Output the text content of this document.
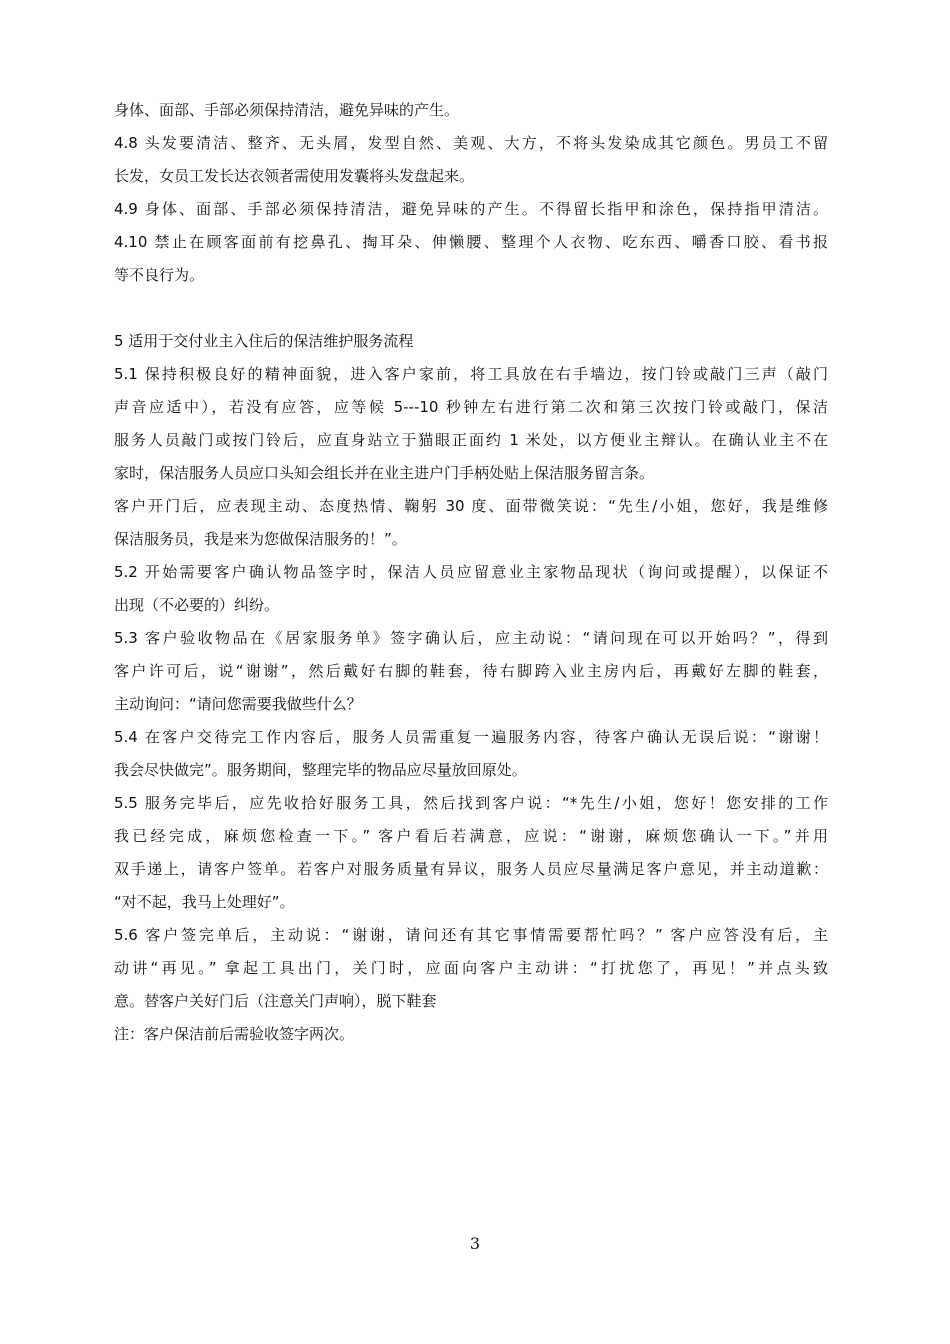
身体、面部、手部必须保持清洁，避免异味的产生。
4.8 头发要清洁、整齐、无头屑，发型自然、美观、大方，不将头发染成其它颜色。男员工不留
长发，女员工发长达衣领者需使用发囊将头发盘起来。
4.9 身体、面部、手部必须保持清洁，避免异味的产生。不得留长指甲和涂色，保持指甲清洁。
4.10 禁止在顾客面前有挖鼻孔、掏耳朵、伸懒腰、整理个人衣物、吃东西、嚼香口胶、看书报
等不良行为。
5 适用于交付业主入住后的保洁维护服务流程
5.1 保持积极良好的精神面貌，进入客户家前，将工具放在右手墙边，按门铃或敲门三声（敲门
声音应适中），若没有应答，应等候 5---10 秒钟左右进行第二次和第三次按门铃或敲门，保洁
服务人员敲门或按门铃后，应直身站立于猫眼正面约 1 米处，以方便业主辩认。在确认业主不在
家时，保洁服务人员应口头知会组长并在业主进户门手柄处贴上保洁服务留言条。
客户开门后，应表现主动、态度热情、鞠躬 30 度、面带微笑说：“先生/小姐，您好，我是维修
保洁服务员，我是来为您做保洁服务的！”。
5.2 开始需要客户确认物品签字时，保洁人员应留意业主家物品现状（询问或提醒），以保证不
出现（不必要的）纠纷。
5.3 客户验收物品在《居家服务单》签字确认后，应主动说：“请问现在可以开始吗？”，得到
客户许可后，说“谢谢”，然后戴好右脚的鞋套，待右脚跨入业主房内后，再戴好左脚的鞋套，
主动询问：“请问您需要我做些什么？
5.4 在客户交待完工作内容后，服务人员需重复一遍服务内容，待客户确认无误后说：“谢谢！
我会尽快做完”。服务期间，整理完毕的物品应尽量放回原处。
5.5 服务完毕后，应先收拾好服务工具，然后找到客户说：“*先生/小姐，您好！您安排的工作
我已经完成，麻烦您检查一下。” 客户看后若满意，应说：“谢谢，麻烦您确认一下。”并用
双手递上，请客户签单。若客户对服务质量有异议，服务人员应尽量满足客户意见，并主动道歉：
“对不起，我马上处理好”。
5.6 客户签完单后，主动说：“谢谢，请问还有其它事情需要帮忙吗？” 客户应答没有后，主
动讲“再见。” 拿起工具出门，关门时，应面向客户主动讲：“打扰您了，再见！”并点头致
意。替客户关好门后（注意关门声响），脱下鞋套
注：客户保洁前后需验收签字两次。
3
